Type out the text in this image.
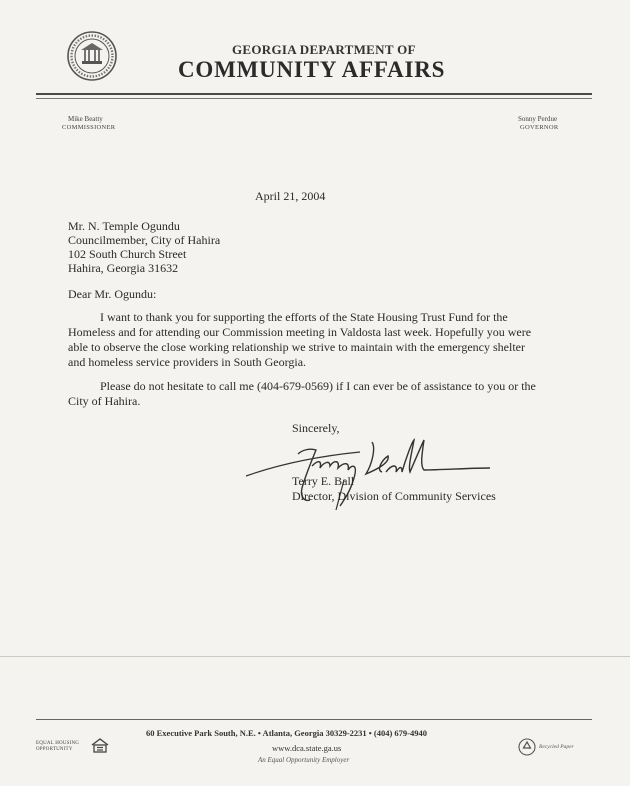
GEORGIA DEPARTMENT OF
COMMUNITY AFFAIRS
Mike Beatty
COMMISSIONER
Sonny Perdue
GOVERNOR
April 21, 2004
Mr. N. Temple Ogundu
Councilmember, City of Hahira
102 South Church Street
Hahira, Georgia 31632
Dear Mr. Ogundu:

I want to thank you for supporting the efforts of the State Housing Trust Fund for the Homeless and for attending our Commission meeting in Valdosta last week. Hopefully you were able to observe the close working relationship we strive to maintain with the emergency shelter and homeless service providers in South Georgia.

Please do not hesitate to call me (404-679-0569) if I can ever be of assistance to you or the City of Hahira.

Sincerely,
Terry E. Ball
Director, Division of Community Services
60 Executive Park South, N.E. • Atlanta, Georgia 30329-2231 • (404) 679-4940
www.dca.state.ga.us
An Equal Opportunity Employer
EQUAL HOUSING
OPPORTUNITY	Recycled Paper
